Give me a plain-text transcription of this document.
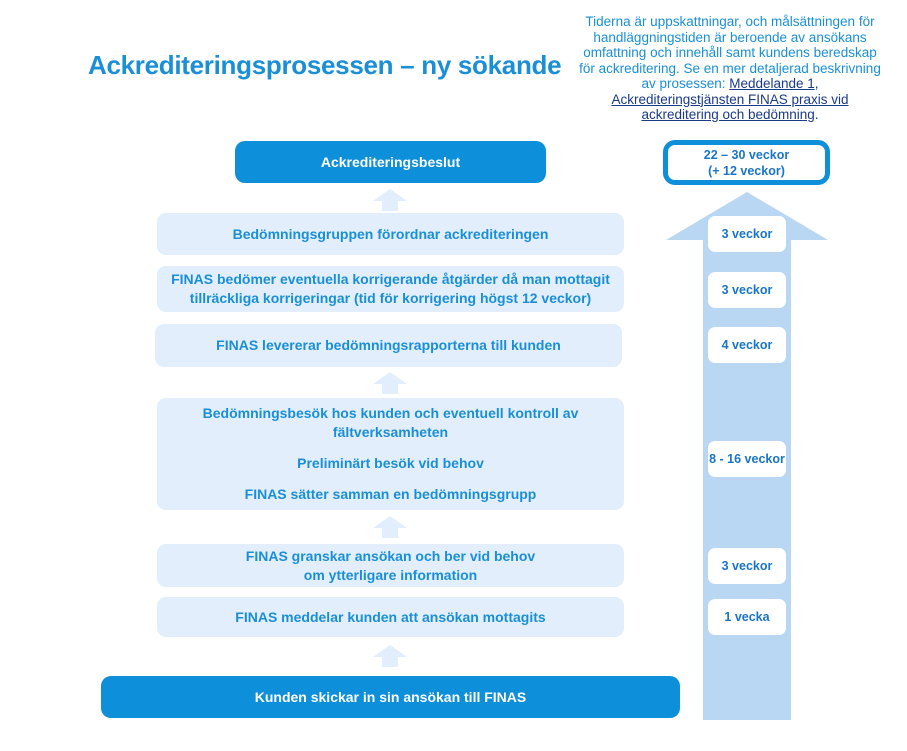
Ackrediteringsprosessen – ny sökande
Tiderna är uppskattningar, och målsättningen för handläggningstiden är beroende av ansökans omfattning och innehåll samt kundens beredskap för ackreditering. Se en mer detaljerad beskrivning av prosessen: Meddelande 1,
Ackrediteringstjänsten FINAS praxis vid
ackreditering och bedömning.
Ackrediteringsbeslut
Bedömningsgruppen förordnar ackrediteringen
FINAS bedömer eventuella korrigerande åtgärder då man mottagit
tillräckliga korrigeringar (tid för korrigering högst 12 veckor)
FINAS levererar bedömningsrapporterna till kunden
Bedömningsbesök hos kunden och eventuell kontroll av
fältverksamheten
Preliminärt besök vid behov
FINAS sätter samman en bedömningsgrupp
FINAS granskar ansökan och ber vid behov
om ytterligare information
FINAS meddelar kunden att ansökan mottagits
Kunden skickar in sin ansökan till FINAS
22 – 30 veckor
(+ 12 veckor)
3 veckor
3 veckor
4 veckor
8 - 16 veckor
3 veckor
1 vecka
